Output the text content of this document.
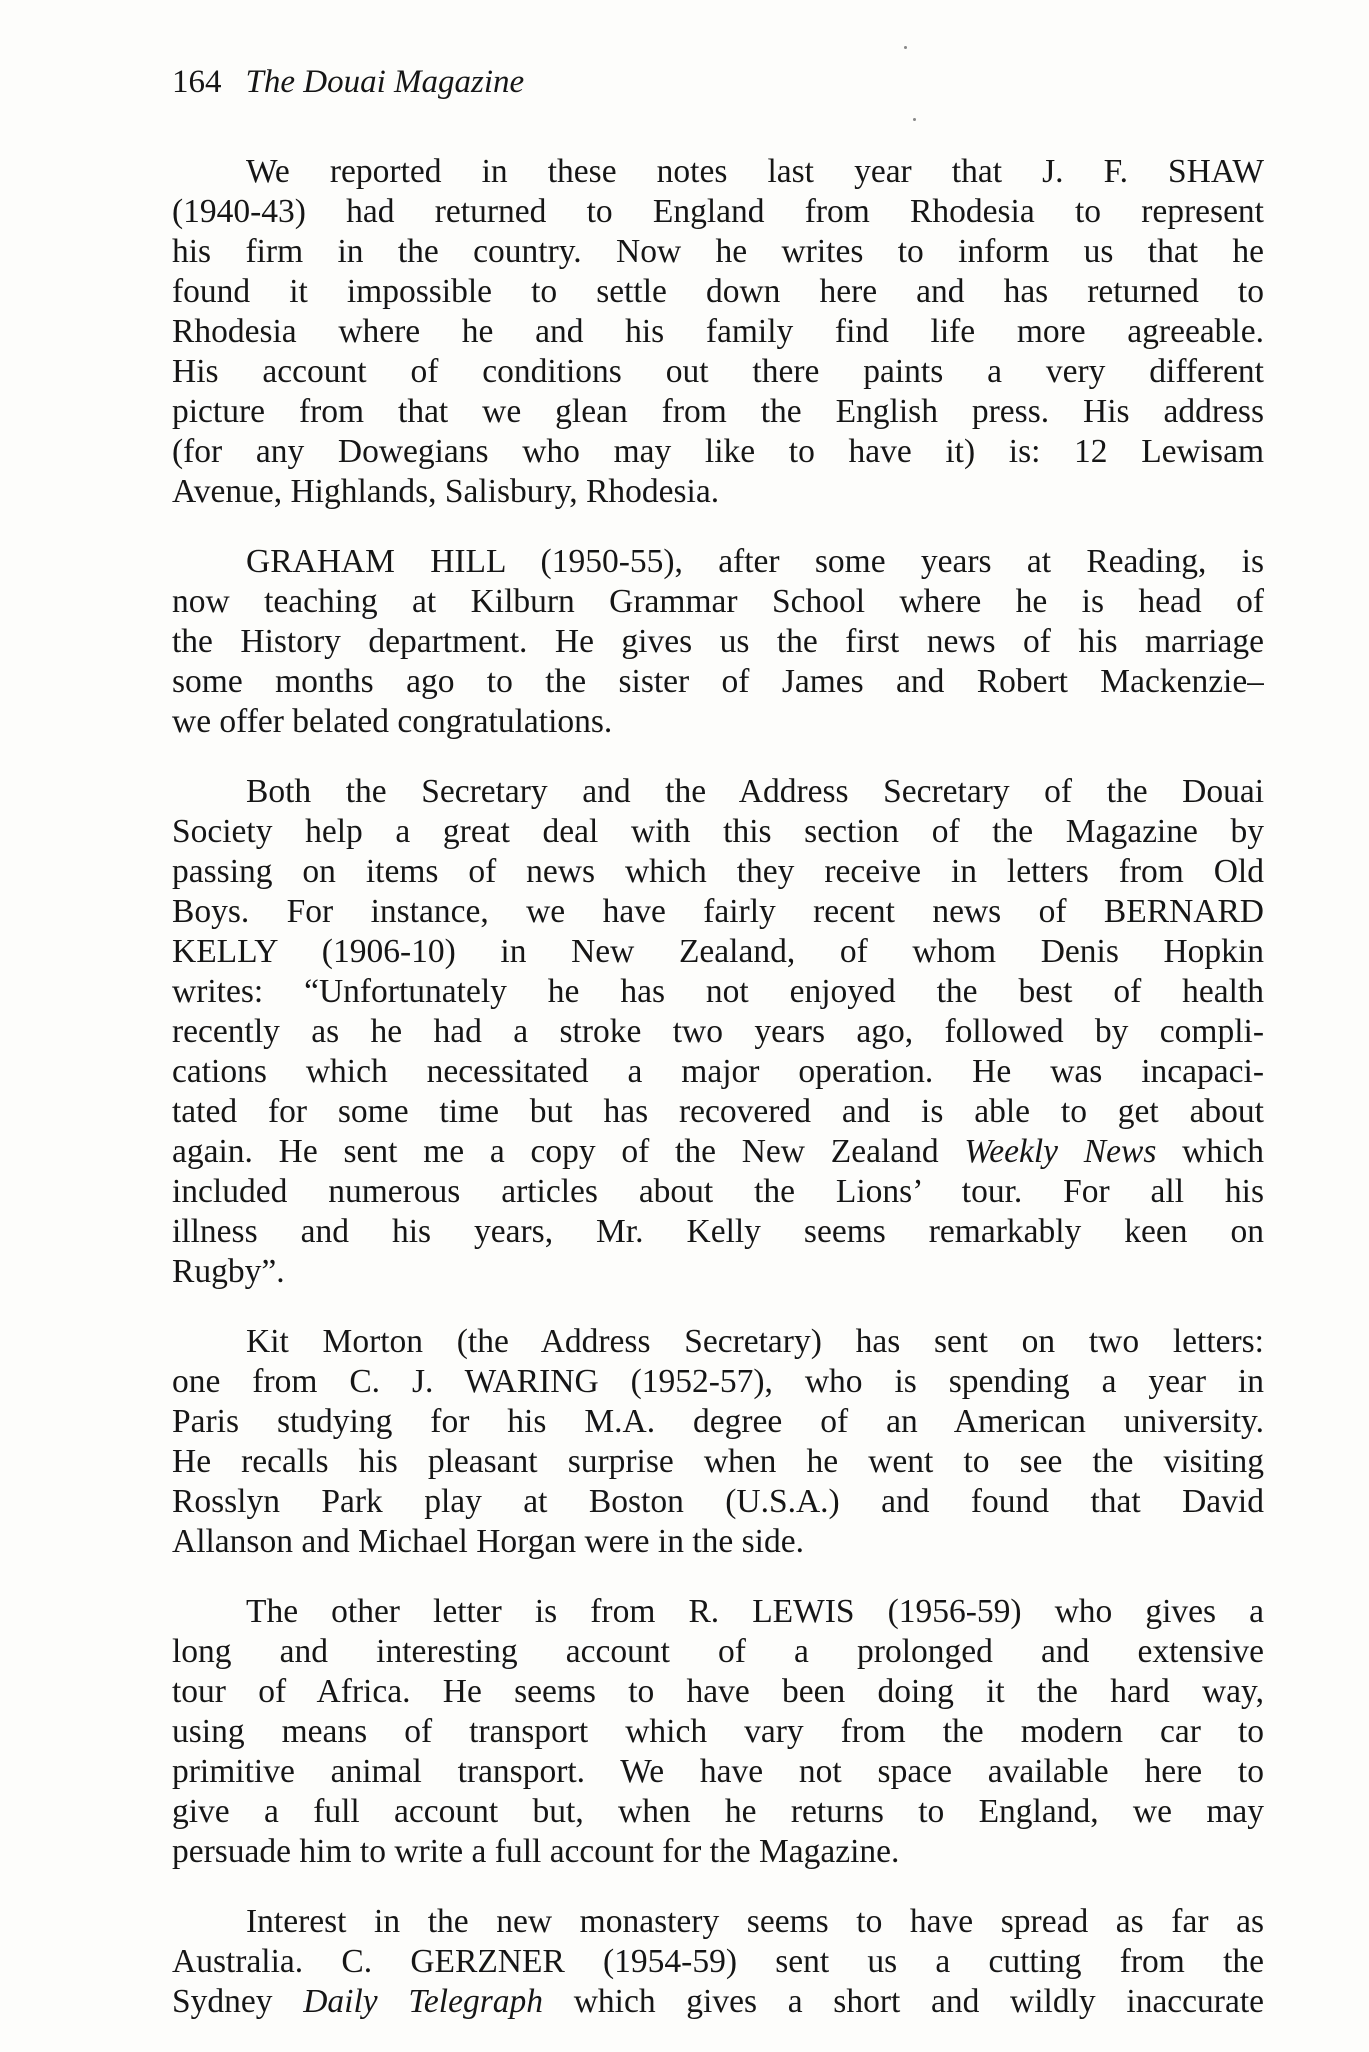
164 The Douai Magazine
We reported in these notes last year that J. F. SHAW
(1940-43) had returned to England from Rhodesia to represent
his firm in the country. Now he writes to inform us that he
found it impossible to settle down here and has returned to
Rhodesia where he and his family find life more agreeable.
His account of conditions out there paints a very different
picture from that we glean from the English press. His address
(for any Dowegians who may like to have it) is: 12 Lewisam
Avenue, Highlands, Salisbury, Rhodesia.
GRAHAM HILL (1950-55), after some years at Reading, is
now teaching at Kilburn Grammar School where he is head of
the History department. He gives us the first news of his marriage
some months ago to the sister of James and Robert Mackenzie–
we offer belated congratulations.
Both the Secretary and the Address Secretary of the Douai
Society help a great deal with this section of the Magazine by
passing on items of news which they receive in letters from Old
Boys. For instance, we have fairly recent news of BERNARD
KELLY (1906-10) in New Zealand, of whom Denis Hopkin
writes: “Unfortunately he has not enjoyed the best of health
recently as he had a stroke two years ago, followed by compli-
cations which necessitated a major operation. He was incapaci-
tated for some time but has recovered and is able to get about
again. He sent me a copy of the New Zealand Weekly News which
included numerous articles about the Lions’ tour. For all his
illness and his years, Mr. Kelly seems remarkably keen on
Rugby”.
Kit Morton (the Address Secretary) has sent on two letters:
one from C. J. WARING (1952-57), who is spending a year in
Paris studying for his M.A. degree of an American university.
He recalls his pleasant surprise when he went to see the visiting
Rosslyn Park play at Boston (U.S.A.) and found that David
Allanson and Michael Horgan were in the side.
The other letter is from R. LEWIS (1956-59) who gives a
long and interesting account of a prolonged and extensive
tour of Africa. He seems to have been doing it the hard way,
using means of transport which vary from the modern car to
primitive animal transport. We have not space available here to
give a full account but, when he returns to England, we may
persuade him to write a full account for the Magazine.
Interest in the new monastery seems to have spread as far as
Australia. C. GERZNER (1954-59) sent us a cutting from the
Sydney Daily Telegraph which gives a short and wildly inaccurate
